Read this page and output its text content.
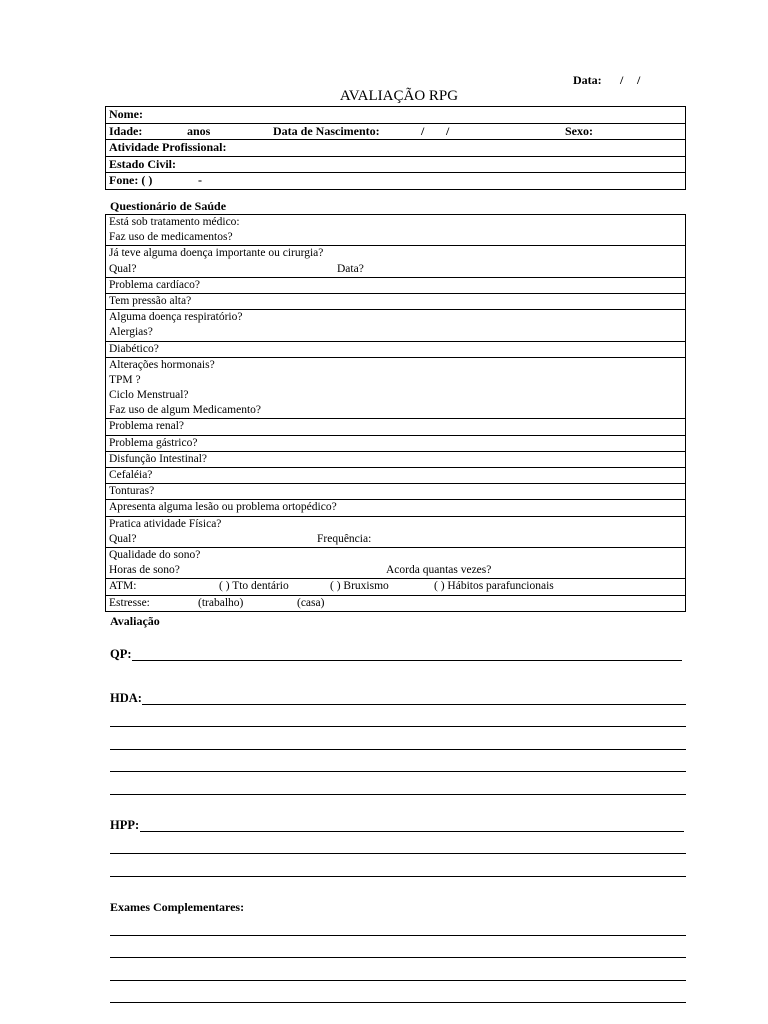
Data: / /
AVALIAÇÃO RPG
Nome:
Idade:	anos	Data de Nascimento:	/ /	Sexo:
Atividade Profissional:
Estado Civil:
Fone: ( )	-
Questionário de Saúde
Está sob tratamento médico:
Faz uso de medicamentos?
Já teve alguma doença importante ou cirurgia?
Qual?	Data?
Problema cardíaco?
Tem pressão alta?
Alguma doença respiratório?
Alergias?
Diabético?
Alterações hormonais?
TPM ?
Ciclo Menstrual?
Faz uso de algum Medicamento?
Problema renal?
Problema gástrico?
Disfunção Intestinal?
Cefaléia?
Tonturas?
Apresenta alguma lesão ou problema ortopédico?
Pratica atividade Física?
Qual?	Frequência:
Qualidade do sono?
Horas de sono?	Acorda quantas vezes?
ATM:	( ) Tto dentário	( ) Bruxismo	( ) Hábitos parafuncionais
Estresse:	(trabalho)	(casa)
Avaliação
QP:
HDA:
HPP:
Exames Complementares:
